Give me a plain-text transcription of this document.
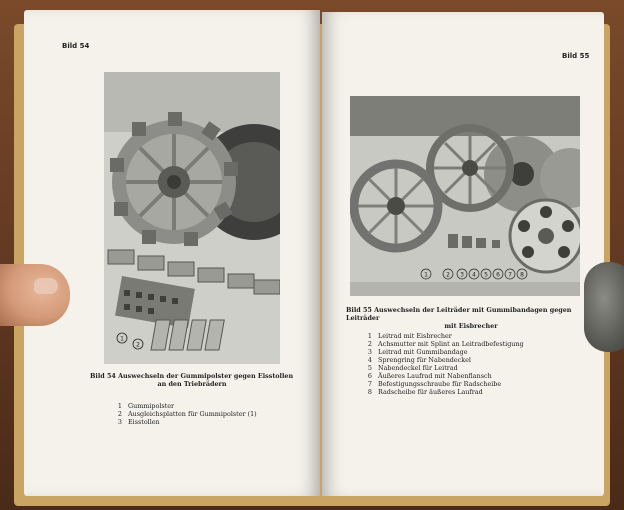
Bild 54
1
2
Bild 54 Auswechseln der Gummipolster gegen Eisstollen
an den Triebrädern
1 Gummipolster
2 Ausgleichsplatten für Gummipolster (1)
3 Eisstollen
Bild 55
1	2 3 4 5 6 7 8
Bild 55 Auswechseln der Leiträder mit Gummibandagen gegen Leiträder
mit Eisbrecher
1 Leitrad mit Eisbrecher
2 Achsmutter mit Splint an Leitradbefestigung
3 Leitrad mit Gummibandage
4 Sprengring für Nabendeckel
5 Nabendeckel für Leitrad
6 Äußeres Laufrad mit Nabenflansch
7 Befestigungsschraube für Radscheibe
8 Radscheibe für äußeres Laufrad
